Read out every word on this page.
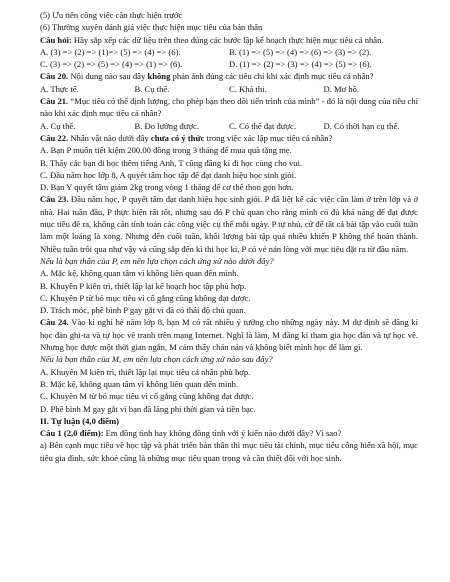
(5) Ưu tiên công việc cần thực hiện trước
(6) Thường xuyên đánh giá việc thực hiện mục tiêu của bản thân
Câu hỏi: Hãy sắp xếp các dữ liệu trên theo đúng các bước lập kế hoạch thực hiện mục tiêu cá nhân.
A. (3) => (2) => (1)=> (5) => (4) => (6).	B. (1) => (5) => (4) => (6) => (3) => (2).
C. (3) => (2) => (5) => (4) => (1) => (6).	D. (1) => (2) => (3) => (4) => (5) => (6).
Câu 20. Nội dung nào sau đây không phản ánh đúng các tiêu chí khi xác định mục tiêu cá nhân?
A. Thực tế.	B. Cụ thể.	C. Khả thi.	D. Mơ hồ.
Câu 21. “Mục tiêu có thể định lượng, cho phép bạn theo dõi tiến trình của mình” - đó là nội dung của tiêu chí nào khi xác định mục tiêu cá nhân?
A. Cụ thể.	B. Đo lường được.	C. Có thể đạt được.	D. Có thời hạn cụ thể.
Câu 22. Nhân vật nào dưới đây chưa có ý thức trong việc xác lập mục tiêu cá nhân?
A. Bạn P muốn tiết kiệm 200.00 đồng trong 3 tháng để mua quà tặng mẹ.
B. Thấy các bạn đi học thêm tiếng Anh, T cũng đăng kí đi học cùng cho vui.
C. Đầu năm học lớp 8, A quyết tâm học tập để đạt danh hiệu học sinh giỏi.
D. Bạn Y quyết tâm giảm 2kg trong vòng 1 tháng để cơ thể thon gọn hơn.
Câu 23. Đầu năm học, P quyết tâm đạt danh hiệu học sinh giỏi. P đã liệt kê các việc cần làm ở trên lớp và ở nhà. Hai tuần đầu, P thực hiện rất tốt, nhưng sau đó P chủ quan cho rằng mình có đủ khả năng để đạt được mục tiêu đề ra, không cần tính toán các công việc cụ thể mỗi ngày. P tự nhủ, cứ để tất cả bài tập vào cuối tuần làm một loáng là xong. Nhưng đến cuối tuần, khối lượng bài tập quá nhiều khiến P không thể hoàn thành. Nhiều tuần trôi qua như vậy và cũng sắp đến kì thi học kì, P có vẻ nản lòng với mục tiêu đặt ra từ đầu năm.
Nếu là bạn thân của P, em nên lựa chọn cách ứng xử nào dưới đây?
A. Mặc kệ, không quan tâm vì không liên quan đến mình.
B. Khuyên P kiên trì, thiết lập lại kế hoạch học tập phù hợp.
C. Khuyên P từ bỏ mục tiêu vì cố gắng cũng không đạt được.
D. Trách móc, phê bình P gay gắt vì đã có thái độ chủ quan.
Câu 24. Vào kì nghỉ hè năm lớp 8, bạn M có rất nhiều ý tưởng cho những ngày này. M dự định sẽ đăng kí học đàn ghi-ta và tự học vẽ tranh trên mạng Internet. Nghĩ là làm, M đăng kí tham gia học đàn và tự học vẽ. Nhưng học được một thời gian ngắn, M cảm thấy chán nản và không biết mình học để làm gì.
Nếu là bạn thân của M, em nên lựa chọn cách ứng xử nào sau đây?
A. Khuyên M kiên trì, thiết lập lại mục tiêu cá nhân phù hợp.
B. Mặc kệ, không quan tâm vì không liên quan đến mình.
C. Khuyên M từ bỏ mục tiêu vì cố gắng cũng không đạt được.
D. Phê bình M gay gắt vì bạn đã lãng phí thời gian và tiền bạc.
II. Tự luận (4,0 điểm)
Câu 1 (2,0 điểm): Em đồng tình hay không đồng tình với ý kiến nào dưới đây? Vì sao?
a) Bên cạnh mục tiêu về học tập và phát triển bản thân thì mục tiêu tài chính, mục tiêu cống hiến xã hội, mục tiêu gia đình, sức khoẻ cũng là những mục tiêu quan trọng và cần thiết đối với học sinh.
